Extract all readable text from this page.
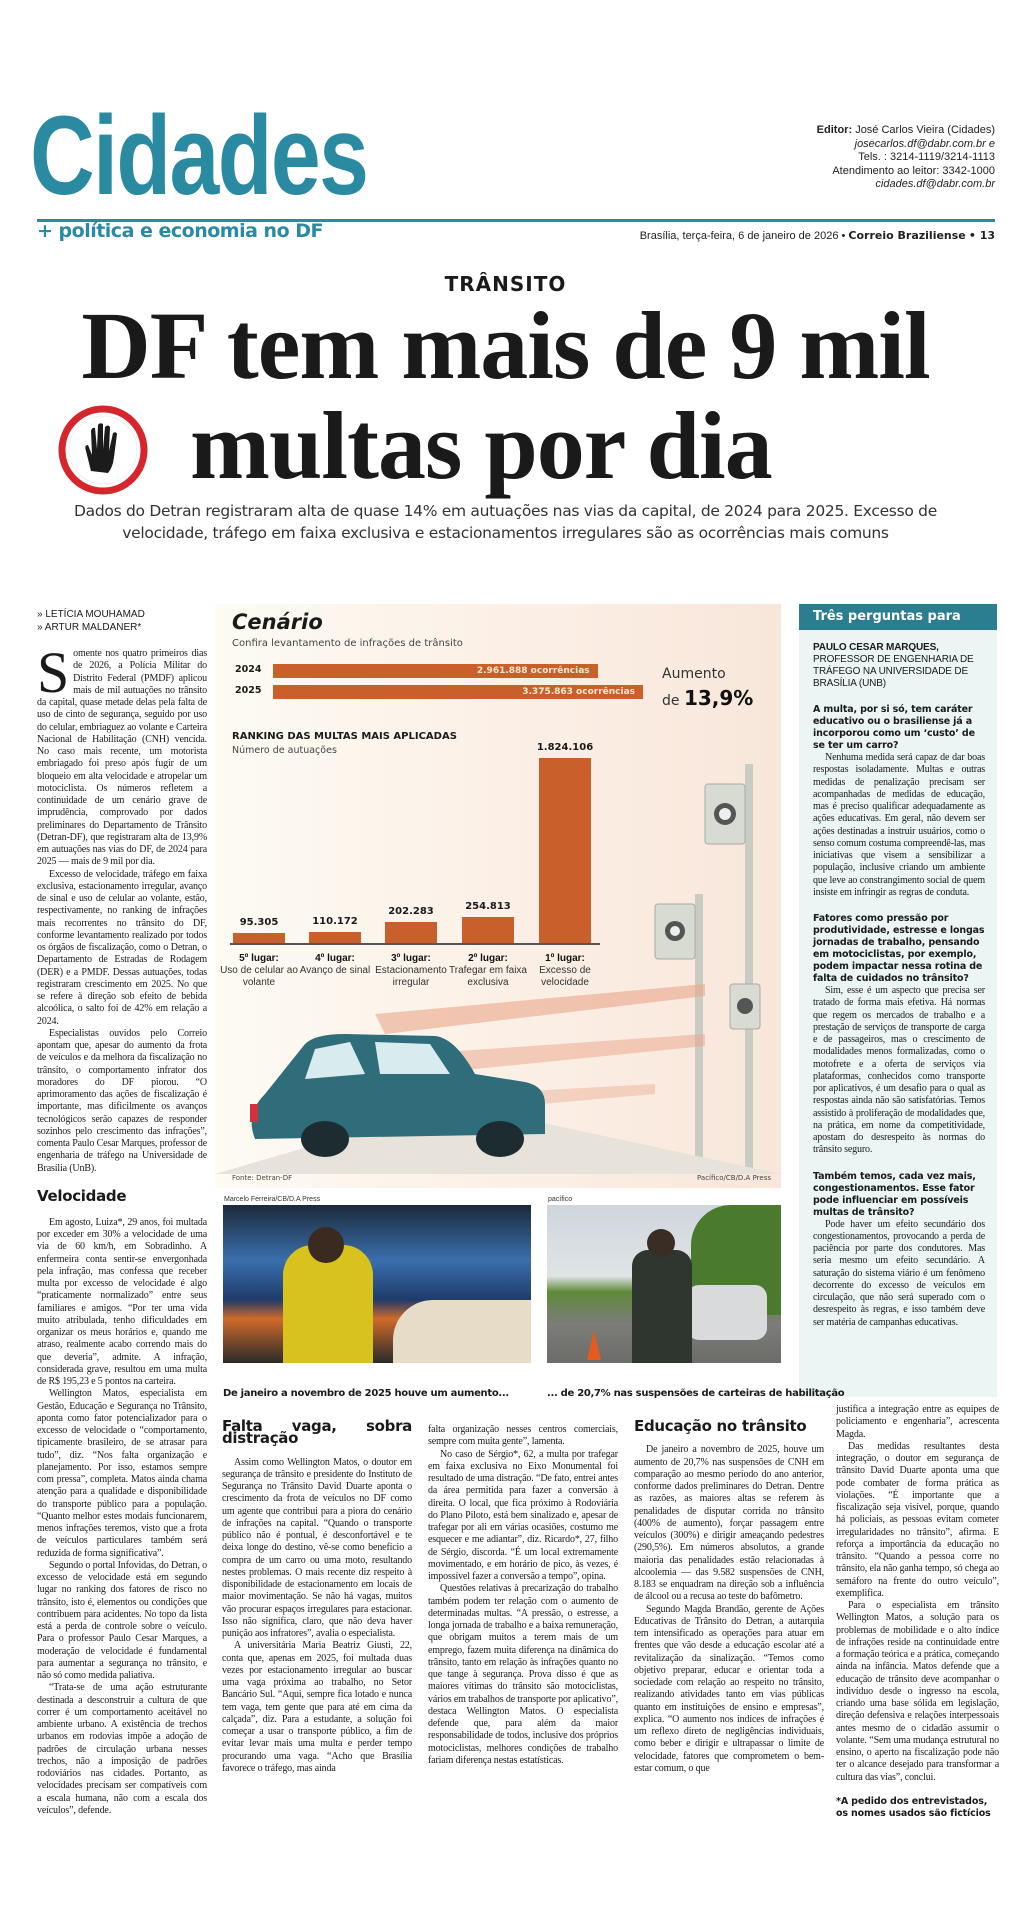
Cidades
+ política e economia no DF
Editor: José Carlos Vieira (Cidades)
josecarlos.df@dabr.com.br e
Tels. : 3214-1119/3214-1113
Atendimento ao leitor: 3342-1000
cidades.df@dabr.com.br
Brasília, terça-feira, 6 de janeiro de 2026 • Correio Braziliense • 13
TRÂNSITO
DF tem mais de 9 mil
multas por dia
Dados do Detran registraram alta de quase 14% em autuações nas vias da capital, de 2024 para 2025. Excesso de velocidade, tráfego em faixa exclusiva e estacionamentos irregulares são as ocorrências mais comuns
» LETÍCIA MOUHAMAD
» ARTUR MALDANER*

Somente nos quatro primeiros dias de 2026, a Polícia Militar do Distrito Federal (PMDF) aplicou mais de mil autuações no trânsito da capital, quase metade delas pela falta de uso de cinto de segurança, seguido por uso do celular, embriaguez ao volante e Carteira Nacional de Habilitação (CNH) vencida. No caso mais recente, um motorista embriagado foi preso após fugir de um bloqueio em alta velocidade e atropelar um motociclista. Os números refletem a continuidade de um cenário grave de imprudência, comprovado por dados preliminares do Departamento de Trânsito (Detran-DF), que registraram alta de 13,9% em autuações nas vias do DF, de 2024 para 2025 — mais de 9 mil por dia.

Excesso de velocidade, tráfego em faixa exclusiva, estacionamento irregular, avanço de sinal e uso de celular ao volante, estão, respectivamente, no ranking de infrações mais recorrentes no trânsito do DF, conforme levantamento realizado por todos os órgãos de fiscalização, como o Detran, o Departamento de Estradas de Rodagem (DER) e a PMDF. Dessas autuações, todas registraram crescimento em 2025. No que se refere à direção sob efeito de bebida alcoólica, o salto foi de 42% em relação a 2024.

Especialistas ouvidos pelo Correio apontam que, apesar do aumento da frota de veículos e da melhora da fiscalização no trânsito, o comportamento infrator dos moradores do DF piorou. “O aprimoramento das ações de fiscalização é importante, mas dificilmente os avanços tecnológicos serão capazes de responder sozinhos pelo crescimento das infrações”, comenta Paulo Cesar Marques, professor de engenharia de tráfego na Universidade de Brasília (UnB).

Velocidade

Em agosto, Luiza*, 29 anos, foi multada por exceder em 30% a velocidade de uma via de 60 km/h, em Sobradinho. A enfermeira conta sentir-se envergonhada pela infração, mas confessa que receber multa por excesso de velocidade é algo “praticamente normalizado” entre seus familiares e amigos. “Por ter uma vida muito atribulada, tenho dificuldades em organizar os meus horários e, quando me atraso, realmente acabo correndo mais do que deveria”, admite. A infração, considerada grave, resultou em uma multa de R$ 195,23 e 5 pontos na carteira.

Wellington Matos, especialista em Gestão, Educação e Segurança no Trânsito, aponta como fator potencializador para o excesso de velocidade o “comportamento, tipicamente brasileiro, de se atrasar para tudo”, diz. “Nos falta organização e planejamento. Por isso, estamos sempre com pressa”, completa. Matos ainda chama atenção para a qualidade e disponibilidade do transporte público para a população. “Quanto melhor estes modais funcionarem, menos infrações teremos, visto que a frota de veículos particulares também será reduzida de forma significativa”.

Segundo o portal Infovidas, do Detran, o excesso de velocidade está em segundo lugar no ranking dos fatores de risco no trânsito, isto é, elementos ou condições que contribuem para acidentes. No topo da lista está a perda de controle sobre o veículo. Para o professor Paulo Cesar Marques, a moderação de velocidade é fundamental para aumentar a segurança no trânsito, e não só como medida paliativa.

“Trata-se de uma ação estruturante destinada a desconstruir a cultura de que correr é um comportamento aceitável no ambiente urbano. A existência de trechos urbanos em rodovias impõe a adoção de padrões de circulação urbana nesses trechos, não a imposição de padrões rodoviários nas cidades. Portanto, as velocidades precisam ser compatíveis com a escala humana, não com a escala dos veículos”, defende.

Cenário
Confira levantamento de infrações de trânsito
2024	2.961.888 ocorrências
2025	3.375.863 ocorrências
Aumento
de 13,9%
RANKING DAS MULTAS MAIS APLICADAS
Número de autuações
95.305
5º lugar:
Uso de celular ao volante
110.172
4º lugar:
Avanço de sinal
202.283
3º lugar:
Estacionamento irregular
254.813
2º lugar:
Trafegar em faixa exclusiva
1.824.106
1º lugar:
Excesso de velocidade
Fonte: Detran-DF	Pacífico/CB/D.A Press
Três perguntas para
PAULO CESAR MARQUES,
PROFESSOR DE ENGENHARIA DE TRÁFEGO NA UNIVERSIDADE DE BRASÍLIA (UNB)
A multa, por si só, tem caráter educativo ou o brasiliense já a incorporou como um ‘custo’ de se ter um carro?

Nenhuma medida será capaz de dar boas respostas isoladamente. Multas e outras medidas de penalização precisam ser acompanhadas de medidas de educação, mas é preciso qualificar adequadamente as ações educativas. Em geral, não devem ser ações destinadas a instruir usuários, como o senso comum costuma compreendê-las, mas iniciativas que visem a sensibilizar a população, inclusive criando um ambiente que leve ao constrangimento social de quem insiste em infringir as regras de conduta.

Fatores como pressão por produtividade, estresse e longas jornadas de trabalho, pensando em motociclistas, por exemplo, podem impactar nessa rotina de falta de cuidados no trânsito?

Sim, esse é um aspecto que precisa ser tratado de forma mais efetiva. Há normas que regem os mercados de trabalho e a prestação de serviços de transporte de carga e de passageiros, mas o crescimento de modalidades menos formalizadas, como o motofrete e a oferta de serviços via plataformas, conhecidos como transporte por aplicativos, é um desafio para o qual as respostas ainda não são satisfatórias. Temos assistido à proliferação de modalidades que, na prática, em nome da competitividade, apostam do desrespeito às normas do trânsito seguro.

Também temos, cada vez mais, congestionamentos. Esse fator pode influenciar em possíveis multas de trânsito?

Pode haver um efeito secundário dos congestionamentos, provocando a perda de paciência por parte dos condutores. Mas seria mesmo um efeito secundário. A saturação do sistema viário é um fenômeno decorrente do excesso de veículos em circulação, que não será superado com o desrespeito às regras, e isso também deve ser matéria de campanhas educativas.

Marcelo Ferreira/CB/D.A Press	pacífico
De janeiro a novembro de 2025 houve um aumento...	... de 20,7% nas suspensões de carteiras de habilitação
Falta vaga, sobra distração

Assim como Wellington Matos, o doutor em segurança de trânsito e presidente do Instituto de Segurança no Trânsito David Duarte aponta o crescimento da frota de veículos no DF como um agente que contribui para a piora do cenário de infrações na capital. “Quando o transporte público não é pontual, é desconfortável e te deixa longe do destino, vê-se como benefício a compra de um carro ou uma moto, resultando nestes problemas. O mais recente diz respeito à disponibilidade de estacionamento em locais de maior movimentação. Se não há vagas, muitos vão procurar espaços irregulares para estacionar. Isso não significa, claro, que não deva haver punição aos infratores”, avalia o especialista.

A universitária Maria Beatriz Giusti, 22, conta que, apenas em 2025, foi multada duas vezes por estacionamento irregular ao buscar uma vaga próxima ao trabalho, no Setor Bancário Sul. “Aqui, sempre fica lotado e nunca tem vaga, tem gente que para até em cima da calçada”, diz. Para a estudante, a solução foi começar a usar o transporte público, a fim de evitar levar mais uma multa e perder tempo procurando uma vaga. “Acho que Brasília favorece o tráfego, mas ainda

falta organização nesses centros comerciais, sempre com muita gente”, lamenta.

No caso de Sérgio*, 62, a multa por trafegar em faixa exclusiva no Eixo Monumental foi resultado de uma distração. “De fato, entrei antes da área permitida para fazer a conversão à direita. O local, que fica próximo à Rodoviária do Plano Piloto, está bem sinalizado e, apesar de trafegar por ali em várias ocasiões, costumo me esquecer e me adiantar”, diz. Ricardo*, 27, filho de Sérgio, discorda. “É um local extremamente movimentado, e em horário de pico, às vezes, é impossível fazer a conversão a tempo”, opina.

Questões relativas à precarização do trabalho também podem ter relação com o aumento de determinadas multas. “A pressão, o estresse, a longa jornada de trabalho e a baixa remuneração, que obrigam muitos a terem mais de um emprego, fazem muita diferença na dinâmica do trânsito, tanto em relação às infrações quanto no que tange à segurança. Prova disso é que as maiores vítimas do trânsito são motociclistas, vários em trabalhos de transporte por aplicativo”, destaca Wellington Matos. O especialista defende que, para além da maior responsabilidade de todos, inclusive dos próprios motociclistas, melhores condições de trabalho fariam diferença nestas estatísticas.

Educação no trânsito

De janeiro a novembro de 2025, houve um aumento de 20,7% nas suspensões de CNH em comparação ao mesmo período do ano anterior, conforme dados preliminares do Detran. Dentre as razões, as maiores altas se referem às penalidades de disputar corrida no trânsito (400% de aumento), forçar passagem entre veículos (300%) e dirigir ameaçando pedestres (290,5%). Em números absolutos, a grande maioria das penalidades estão relacionadas à alcoolemia — das 9.582 suspensões de CNH, 8.183 se enquadram na direção sob a influência de álcool ou a recusa ao teste do bafômetro.

Segundo Magda Brandão, gerente de Ações Educativas de Trânsito do Detran, a autarquia tem intensificado as operações para atuar em frentes que vão desde a educação escolar até a revitalização da sinalização. “Temos como objetivo preparar, educar e orientar toda a sociedade com relação ao respeito no trânsito, realizando atividades tanto em vias públicas quanto em instituições de ensino e empresas”, explica. “O aumento nos índices de infrações é um reflexo direto de negligências individuais, como beber e dirigir e ultrapassar o limite de velocidade, fatores que comprometem o bem-estar comum, o que

justifica a integração entre as equipes de policiamento e engenharia”, acrescenta Magda.

Das medidas resultantes desta integração, o doutor em segurança de trânsito David Duarte aponta uma que pode combater de forma prática as violações. “É importante que a fiscalização seja visível, porque, quando há policiais, as pessoas evitam cometer irregularidades no trânsito”, afirma. E reforça a importância da educação no trânsito. “Quando a pessoa corre no trânsito, ela não ganha tempo, só chega ao semáforo na frente do outro veículo”, exemplifica.

Para o especialista em trânsito Wellington Matos, a solução para os problemas de mobilidade e o alto índice de infrações reside na continuidade entre a formação teórica e a prática, começando ainda na infância. Matos defende que a educação de trânsito deve acompanhar o indivíduo desde o ingresso na escola, criando uma base sólida em legislação, direção defensiva e relações interpessoais antes mesmo de o cidadão assumir o volante. “Sem uma mudança estrutural no ensino, o aperto na fiscalização pode não ter o alcance desejado para transformar a cultura das vias”, conclui.

*A pedido dos entrevistados, os nomes usados são fictícios
